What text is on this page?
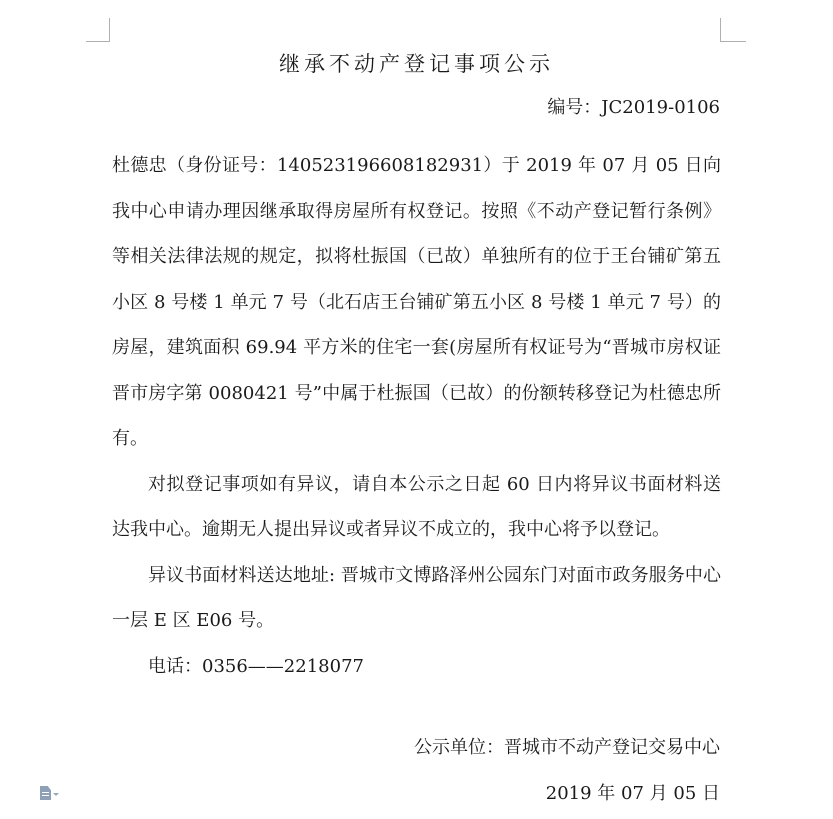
继承不动产登记事项公示
编号：JC2019-0106

杜德忠（身份证号：140523196608182931）于 2019 年 07 月 05 日向我中心申请办理因继承取得房屋所有权登记。按照《不动产登记暂行条例》等相关法律法规的规定，拟将杜振国（已故）单独所有的位于王台铺矿第五小区 8 号楼 1 单元 7 号（北石店王台铺矿第五小区 8 号楼 1 单元 7 号）的房屋，建筑面积 69.94 平方米的住宅一套(房屋所有权证号为“晋城市房权证晋市房字第 0080421 号”中属于杜振国（已故）的份额转移登记为杜德忠所有。

对拟登记事项如有异议，请自本公示之日起 60 日内将异议书面材料送达我中心。逾期无人提出异议或者异议不成立的，我中心将予以登记。

异议书面材料送达地址: 晋城市文博路泽州公园东门对面市政务服务中心一层 E 区 E06 号。

电话：0356——2218077

公示单位：晋城市不动产登记交易中心
2019 年 07 月 05 日
